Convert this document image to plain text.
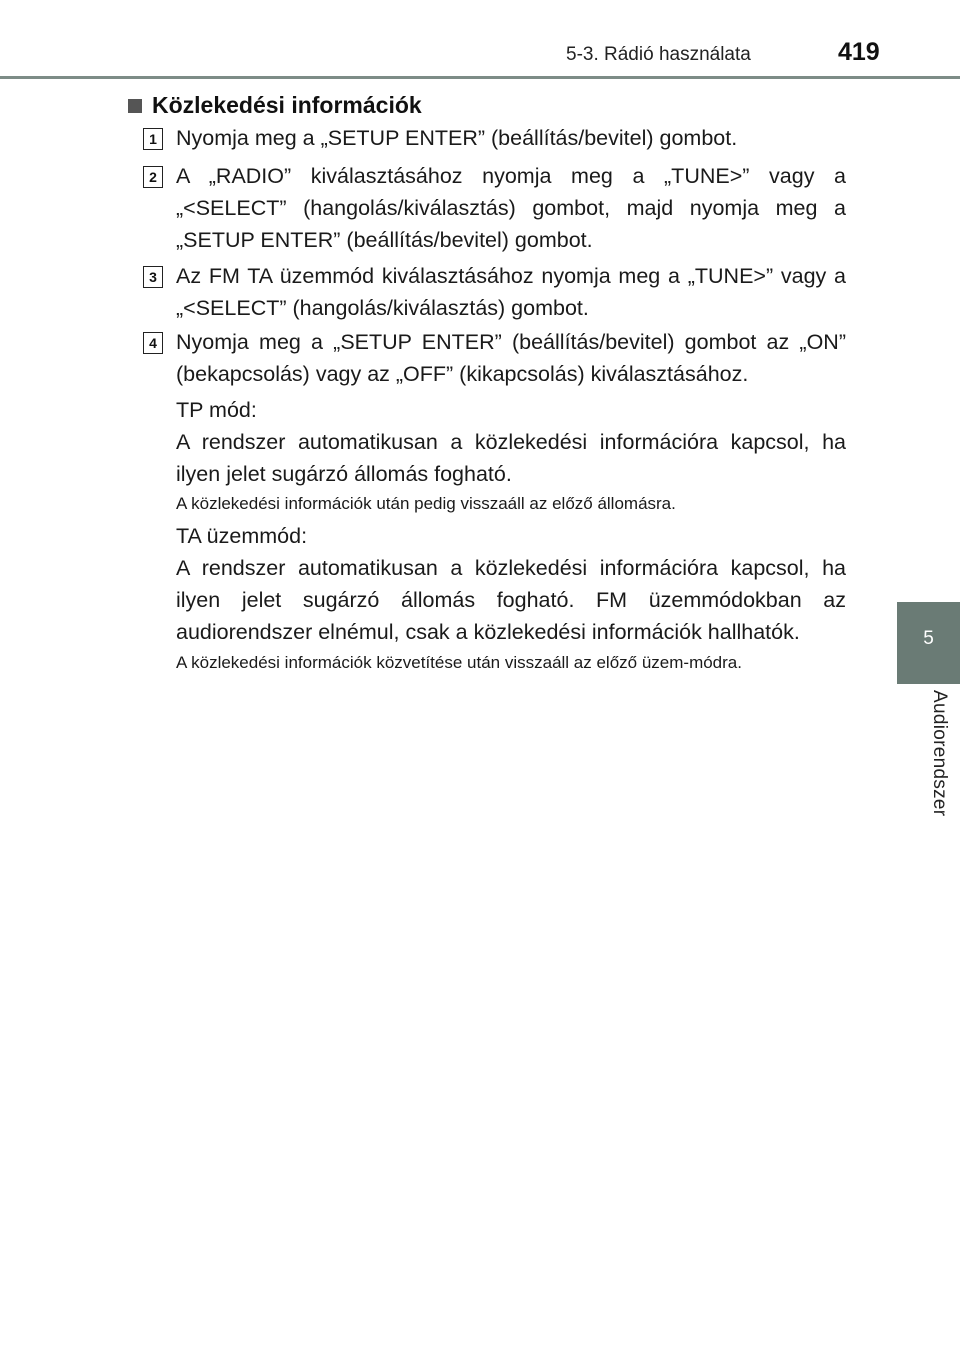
5-3. Rádió használata	419
5
Audiorendszer
Közlekedési információk
1 Nyomja meg a „SETUP ENTER” (beállítás/bevitel) gombot.
2 A „RADIO” kiválasztásához nyomja meg a „TUNE>” vagy a „<SELECT” (hangolás/kiválasztás) gombot, majd nyomja meg a „SETUP ENTER” (beállítás/bevitel) gombot.
3 Az FM TA üzemmód kiválasztásához nyomja meg a „TUNE>” vagy a „<SELECT” (hangolás/kiválasztás) gombot.
4 Nyomja meg a „SETUP ENTER” (beállítás/bevitel) gombot az „ON” (bekapcsolás) vagy az „OFF” (kikapcsolás) kiválasztásához.
TP mód:
A rendszer automatikusan a közlekedési információra kapcsol, ha ilyen jelet sugárzó állomás fogható.
A közlekedési információk után pedig visszaáll az előző állomásra.
TA üzemmód:
A rendszer automatikusan a közlekedési információra kapcsol, ha ilyen jelet sugárzó állomás fogható. FM üzemmódokban az audiorendszer elnémul, csak a közlekedési információk hallhatók.
A közlekedési információk közvetítése után visszaáll az előző üzem-módra.
